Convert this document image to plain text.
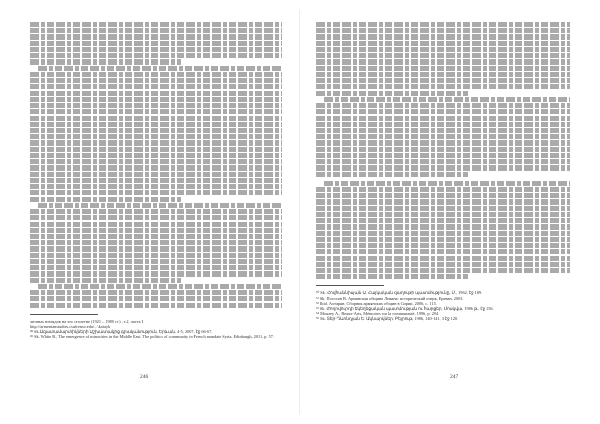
личных взглядов на это столетие (1921 – 1980 гг.) , т.2, часть I

http://armenianstudies.csufresno.edu/...\kotayk

⁴⁸ Sk.Ազատամարտիկների Աշխատակից գրականություն, Երևան, 4-5, 2007, էջ 66-67.

⁴⁹ Sk. White B., The emergence of minorities in the Middle East. The politics of community in French mandate Syria, Edinburgh, 2011, p. 57.

246

⁵⁰ Sk. Հովհաննիսյան Ա. Հայկական զաղութի պատմությունը, Մ., 1962, էջ 189.

⁵¹ Sk. Погосян В. Армянская община Ливана: исторический очерк, Ереван, 2003.

⁵² Ibid. Ахтарян, Сборник армянских общин в Сирии, 2006, с. 115.

⁵³ Sk. Ժողովուրդի եկեղեցական պատմության ու հարցեր, Մոսկվա, 1986 թ., էջ 156.

⁵⁴ Mouzey A., Beaux-Arts, Mémoires sur la communauté, 1996, p. 294.

⁵⁵ Sk. Տեր-Ղևոնդյան Ե. Ակնարկներ, Բեյրութ, 1986, 140-141, 3 էջ 120.

247
